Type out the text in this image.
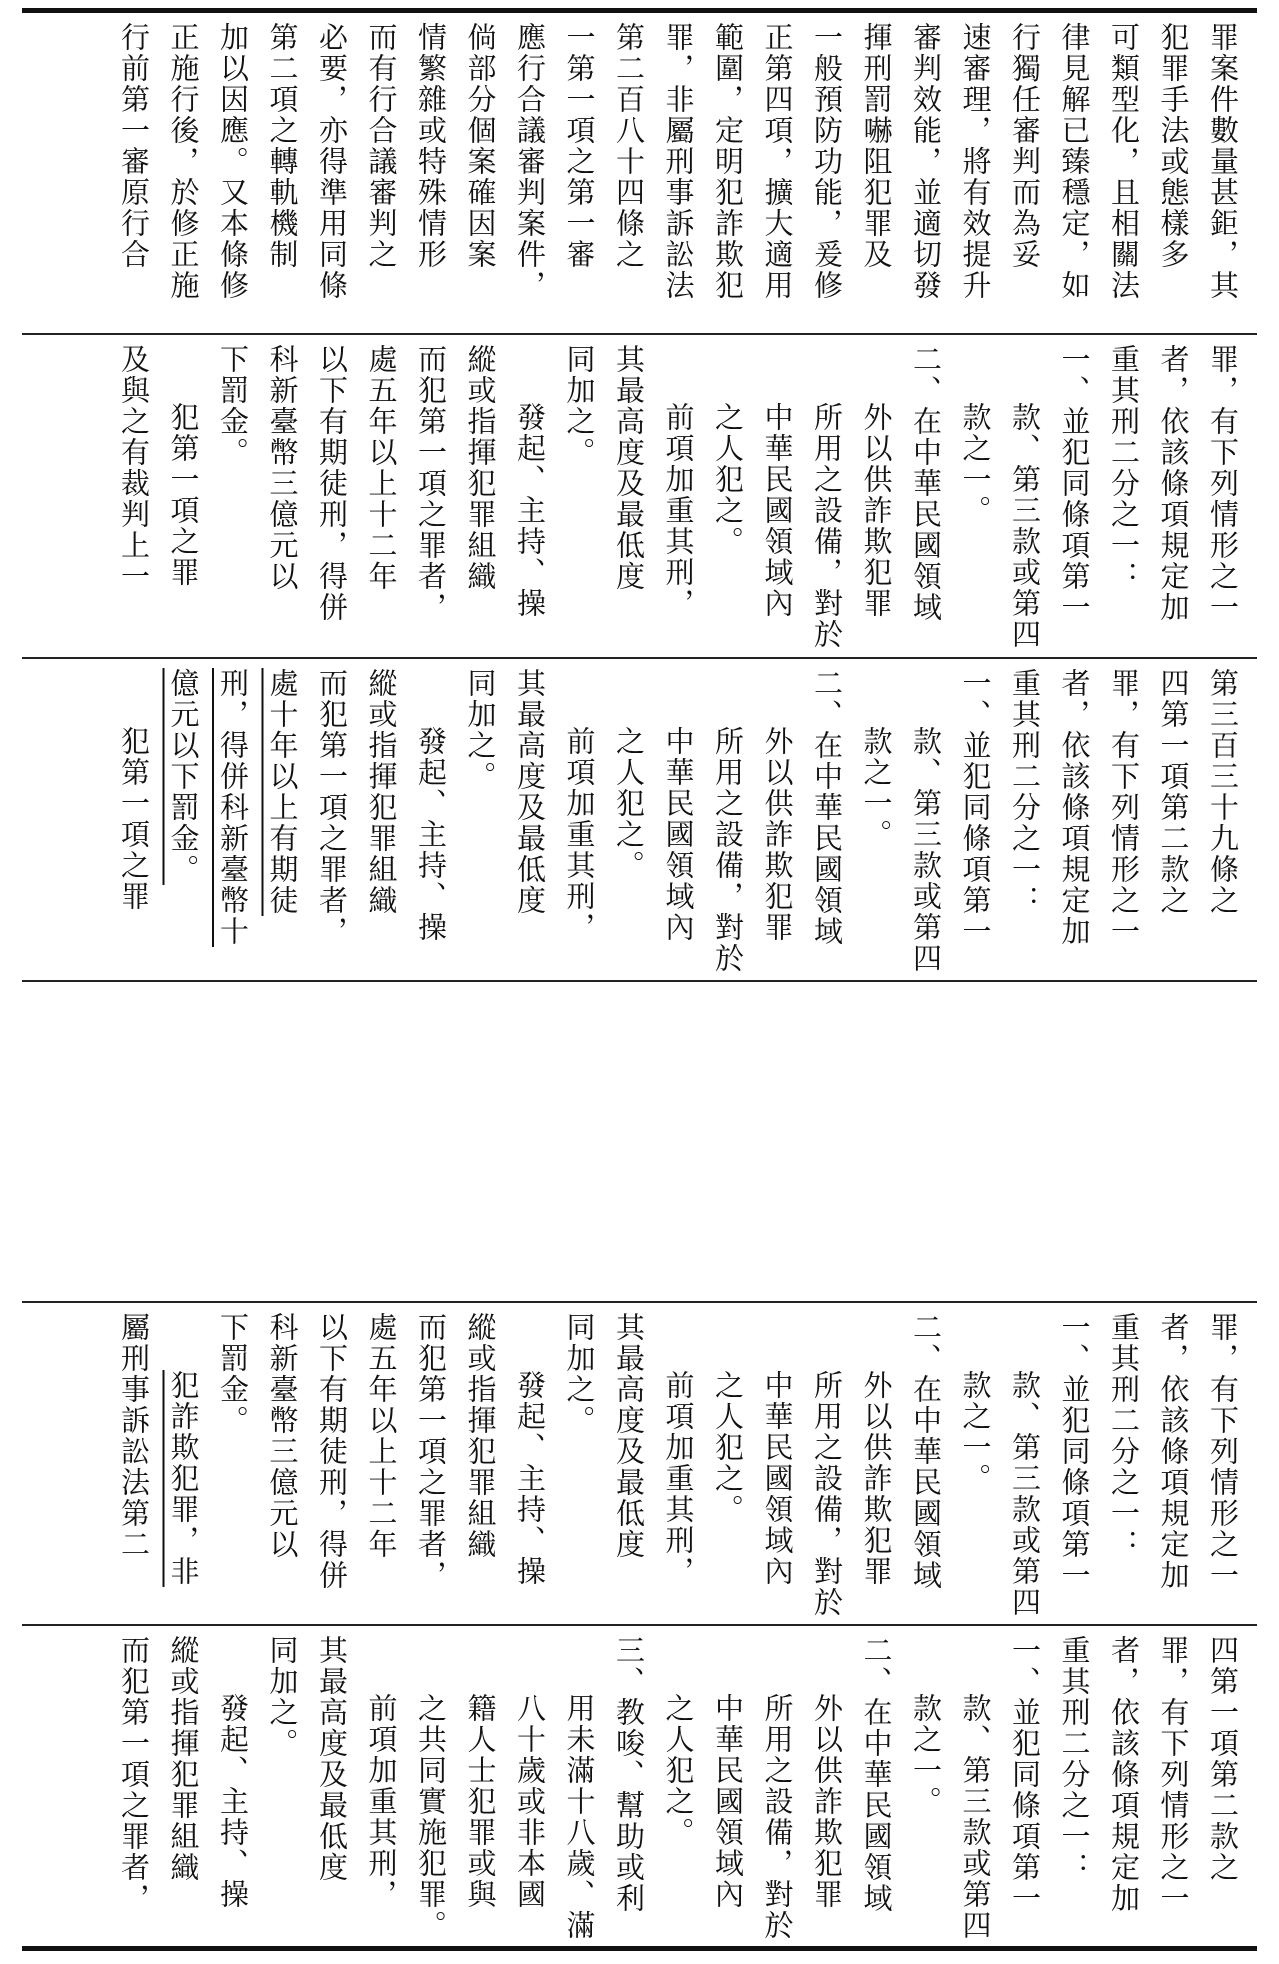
罪案件數量甚鉅，其

犯罪手法或態樣多

可類型化，且相關法

律見解已臻穩定，如

行獨任審判而為妥

速審理，將有效提升

審判效能，並適切發

揮刑罰嚇阻犯罪及

一般預防功能，爰修

正第四項，擴大適用

範圍，定明犯詐欺犯

罪，非屬刑事訴訟法

第二百八十四條之

一第一項之第一審

應行合議審判案件，

倘部分個案確因案

情繁雜或特殊情形

而有行合議審判之

必要，亦得準用同條

第二項之轉軌機制

加以因應。又本條修

正施行後，於修正施

行前第一審原行合

罪，有下列情形之一

者，依該條項規定加

重其刑二分之一：

一、並犯同條項第一

款、第三款或第四

款之一。

二、在中華民國領域

外以供詐欺犯罪

所用之設備，對於

中華民國領域內

之人犯之。

前項加重其刑，

其最高度及最低度

同加之。

發起、主持、操

縱或指揮犯罪組織

而犯第一項之罪者，

處五年以上十二年

以下有期徒刑，得併

科新臺幣三億元以

下罰金。

犯第一項之罪

及與之有裁判上一

第三百三十九條之

四第一項第二款之

罪，有下列情形之一

者，依該條項規定加

重其刑二分之一：

一、並犯同條項第一

款、第三款或第四

款之一。

二、在中華民國領域

外以供詐欺犯罪

所用之設備，對於

中華民國領域內

之人犯之。

前項加重其刑，

其最高度及最低度

同加之。

發起、主持、操

縱或指揮犯罪組織

而犯第一項之罪者，

處十年以上有期徒

刑，得併科新臺幣十

億元以下罰金。

犯第一項之罪

罪，有下列情形之一

者，依該條項規定加

重其刑二分之一：

一、並犯同條項第一

款、第三款或第四

款之一。

二、在中華民國領域

外以供詐欺犯罪

所用之設備，對於

中華民國領域內

之人犯之。

前項加重其刑，

其最高度及最低度

同加之。

發起、主持、操

縱或指揮犯罪組織

而犯第一項之罪者，

處五年以上十二年

以下有期徒刑，得併

科新臺幣三億元以

下罰金。

犯詐欺犯罪，非

屬刑事訴訟法第二

四第一項第二款之

罪，有下列情形之一

者，依該條項規定加

重其刑二分之一：

一、並犯同條項第一

款、第三款或第四

款之一。

二、在中華民國領域

外以供詐欺犯罪

所用之設備，對於

中華民國領域內

之人犯之。

三、教唆、幫助或利

用未滿十八歲、滿

八十歲或非本國

籍人士犯罪或與

之共同實施犯罪。

前項加重其刑，

其最高度及最低度

同加之。

發起、主持、操

縱或指揮犯罪組織

而犯第一項之罪者，
